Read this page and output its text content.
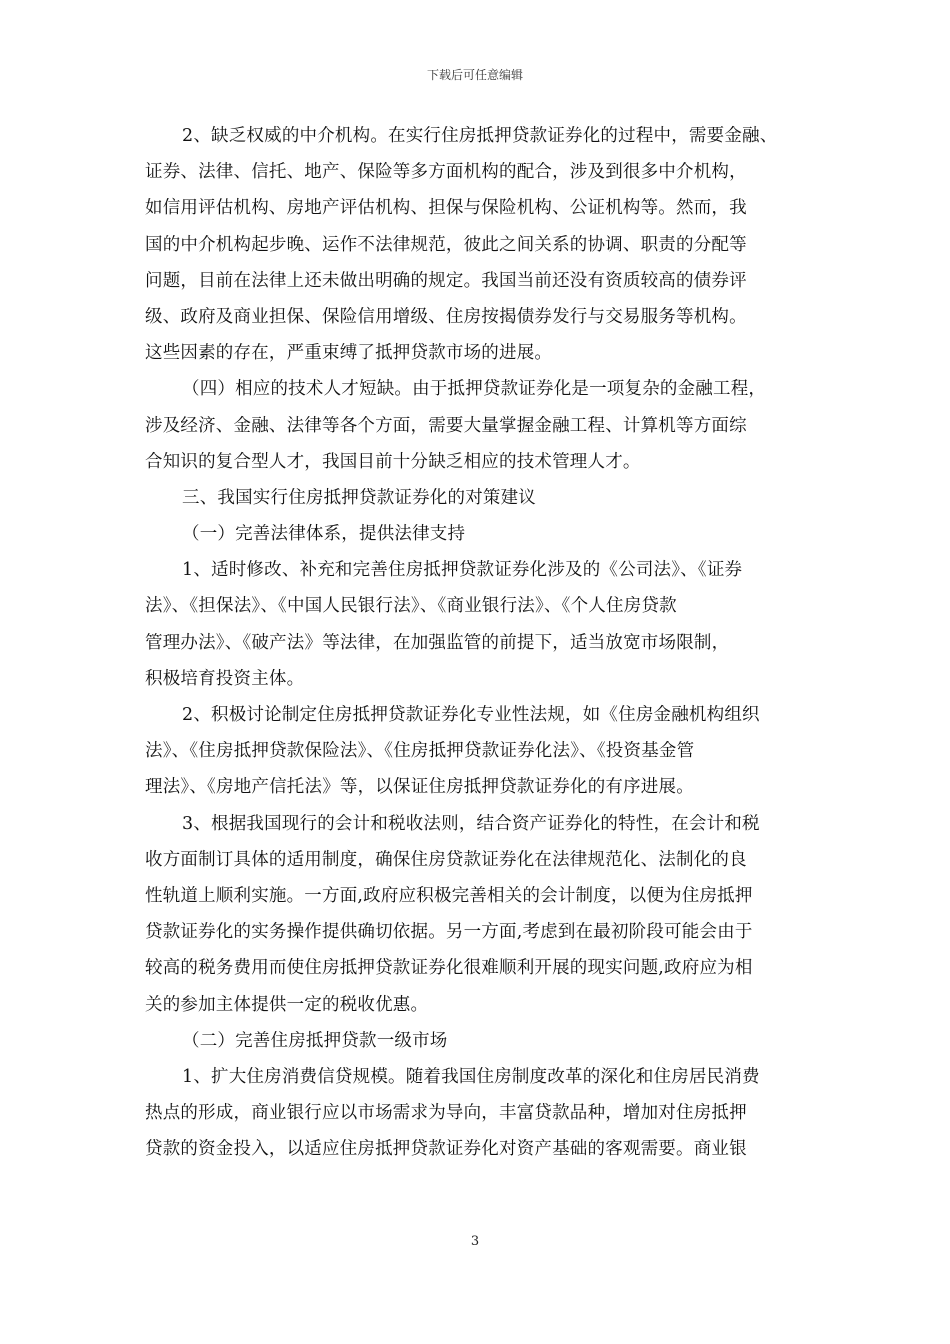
下载后可任意编辑
2、缺乏权威的中介机构。在实行住房抵押贷款证券化的过程中，需要金融、
证券、法律、信托、地产、保险等多方面机构的配合，涉及到很多中介机构，
如信用评估机构、房地产评估机构、担保与保险机构、公证机构等。然而，我
国的中介机构起步晚、运作不法律规范，彼此之间关系的协调、职责的分配等
问题，目前在法律上还未做出明确的规定。我国当前还没有资质较高的债券评
级、政府及商业担保、保险信用增级、住房按揭债券发行与交易服务等机构。
这些因素的存在，严重束缚了抵押贷款市场的进展。
（四）相应的技术人才短缺。由于抵押贷款证券化是一项复杂的金融工程，
涉及经济、金融、法律等各个方面，需要大量掌握金融工程、计算机等方面综
合知识的复合型人才，我国目前十分缺乏相应的技术管理人才。
三、我国实行住房抵押贷款证券化的对策建议
（一）完善法律体系，提供法律支持
1、适时修改、补充和完善住房抵押贷款证券化涉及的《公司法》、《证券
法》、《担保法》、《中国人民银行法》、《商业银行法》、《个人住房贷款
管理办法》、《破产法》等法律，在加强监管的前提下，适当放宽市场限制，
积极培育投资主体。
2、积极讨论制定住房抵押贷款证券化专业性法规，如《住房金融机构组织
法》、《住房抵押贷款保险法》、《住房抵押贷款证券化法》、《投资基金管
理法》、《房地产信托法》等，以保证住房抵押贷款证券化的有序进展。
3、根据我国现行的会计和税收法则，结合资产证券化的特性，在会计和税
收方面制订具体的适用制度，确保住房贷款证券化在法律规范化、法制化的良
性轨道上顺利实施。一方面,政府应积极完善相关的会计制度，以便为住房抵押
贷款证券化的实务操作提供确切依据。另一方面,考虑到在最初阶段可能会由于
较高的税务费用而使住房抵押贷款证券化很难顺利开展的现实问题,政府应为相
关的参加主体提供一定的税收优惠。
（二）完善住房抵押贷款一级市场
1、扩大住房消费信贷规模。随着我国住房制度改革的深化和住房居民消费
热点的形成，商业银行应以市场需求为导向，丰富贷款品种，增加对住房抵押
贷款的资金投入，以适应住房抵押贷款证券化对资产基础的客观需要。商业银
3
